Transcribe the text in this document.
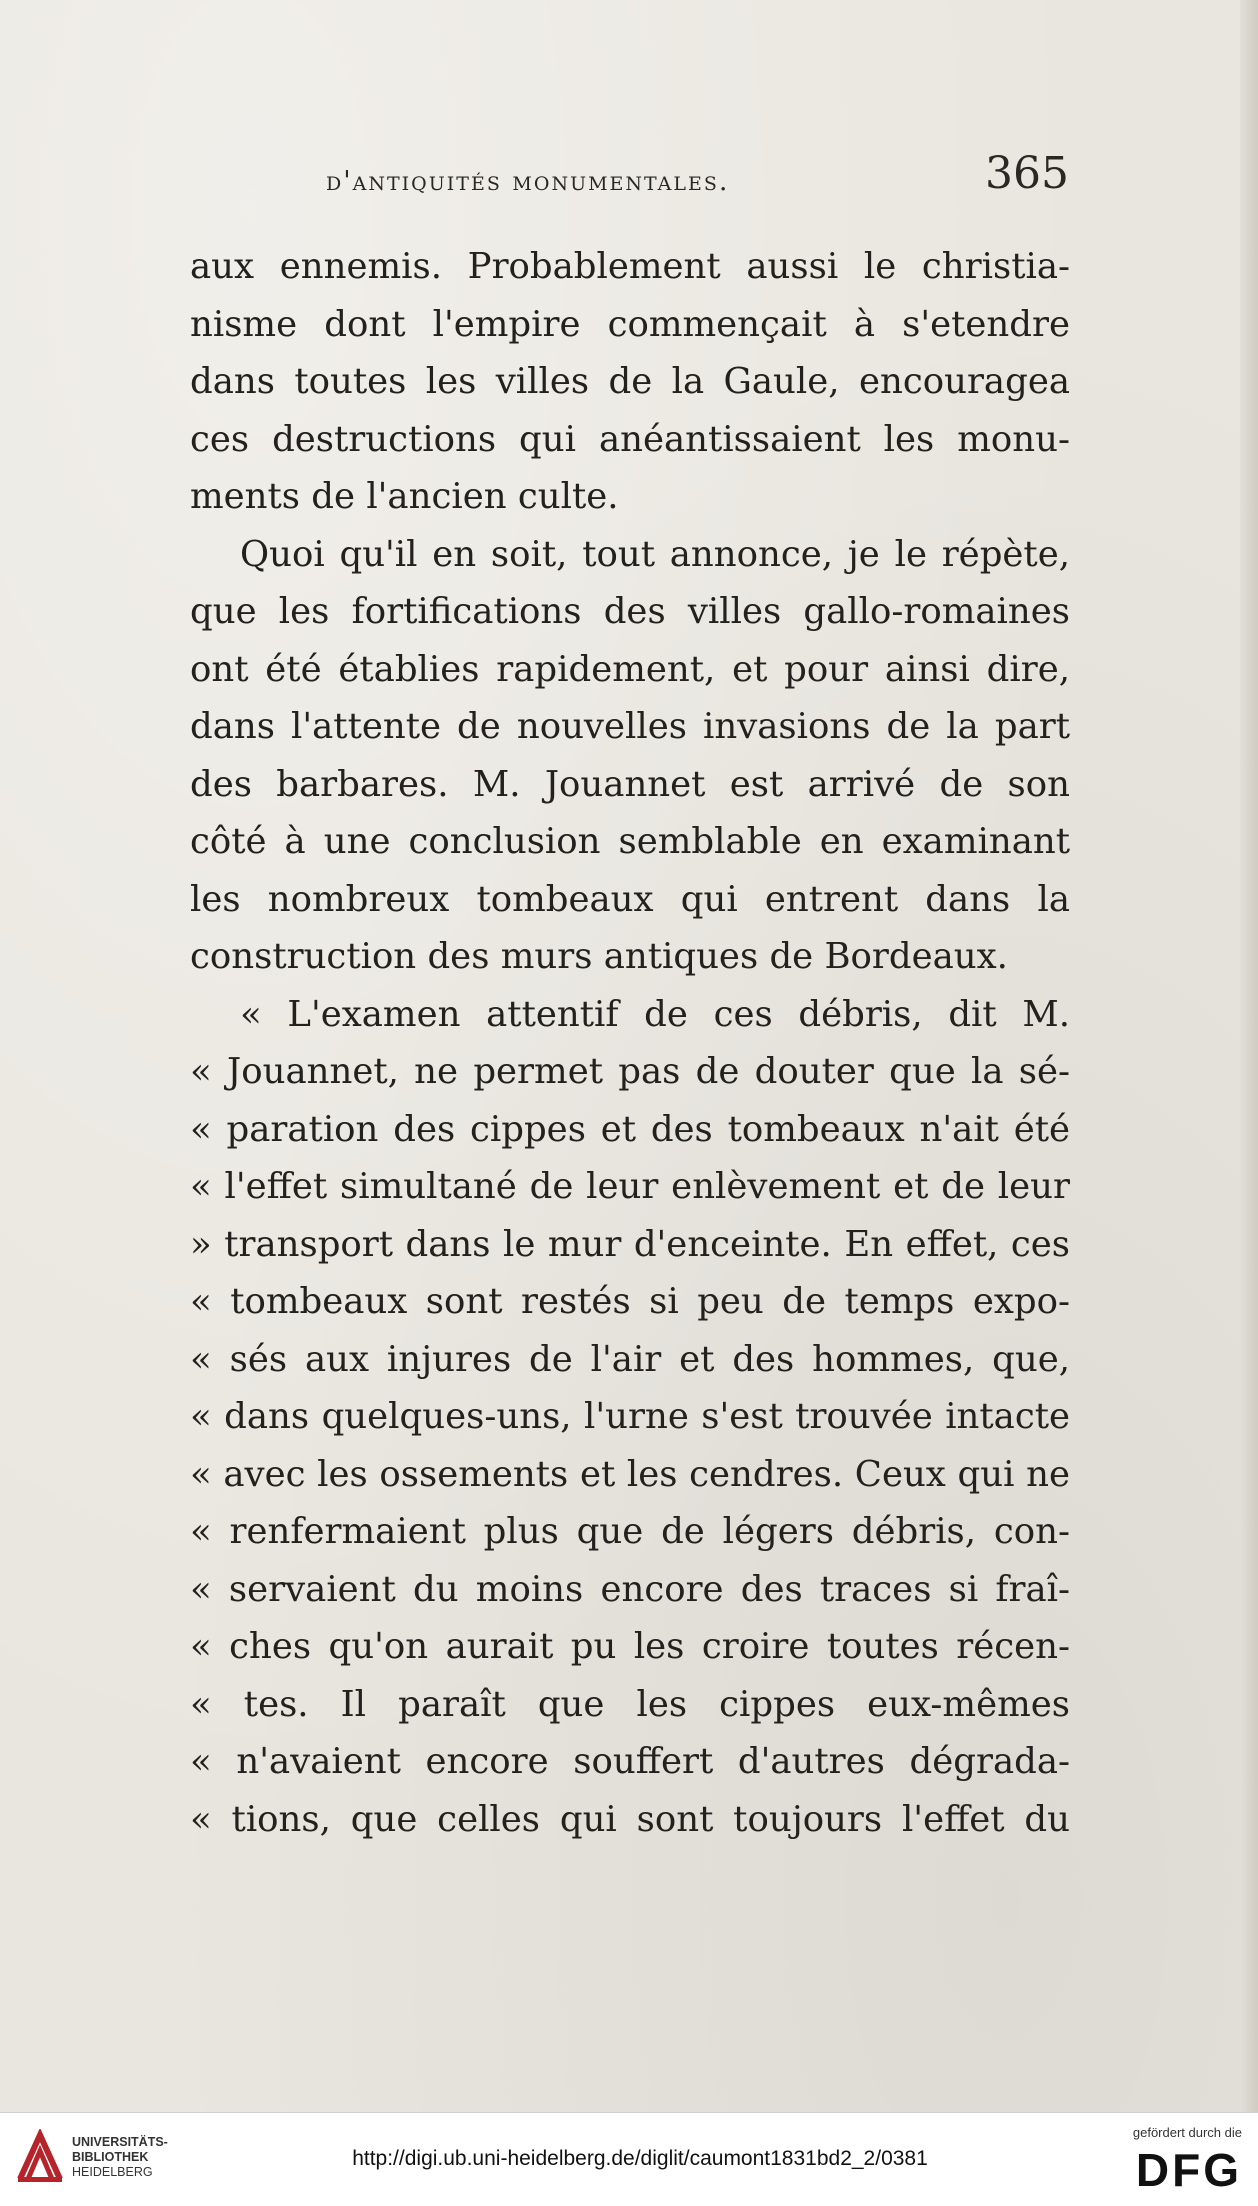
d'antiquités monumentales.	365
aux ennemis. Probablement aussi le christia-
nisme dont l'empire commençait à s'etendre
dans toutes les villes de la Gaule, encouragea
ces destructions qui anéantissaient les monu-
ments de l'ancien culte.
Quoi qu'il en soit, tout annonce, je le répète,
que les fortifications des villes gallo-romaines
ont été établies rapidement, et pour ainsi dire,
dans l'attente de nouvelles invasions de la part
des barbares. M. Jouannet est arrivé de son
côté à une conclusion semblable en examinant
les nombreux tombeaux qui entrent dans la
construction des murs antiques de Bordeaux.
« L'examen attentif de ces débris, dit M.
« Jouannet, ne permet pas de douter que la sé-
« paration des cippes et des tombeaux n'ait été
« l'effet simultané de leur enlèvement et de leur
» transport dans le mur d'enceinte. En effet, ces
« tombeaux sont restés si peu de temps expo-
« sés aux injures de l'air et des hommes, que,
« dans quelques-uns, l'urne s'est trouvée intacte
« avec les ossements et les cendres. Ceux qui ne
« renfermaient plus que de légers débris, con-
« servaient du moins encore des traces si fraî-
« ches qu'on aurait pu les croire toutes récen-
« tes. Il paraît que les cippes eux-mêmes
« n'avaient encore souffert d'autres dégrada-
« tions, que celles qui sont toujours l'effet du
UNIVERSITÄTS-
BIBLIOTHEK
HEIDELBERG
http://digi.ub.uni-heidelberg.de/diglit/caumont1831bd2_2/0381
gefördert durch die
DFG
